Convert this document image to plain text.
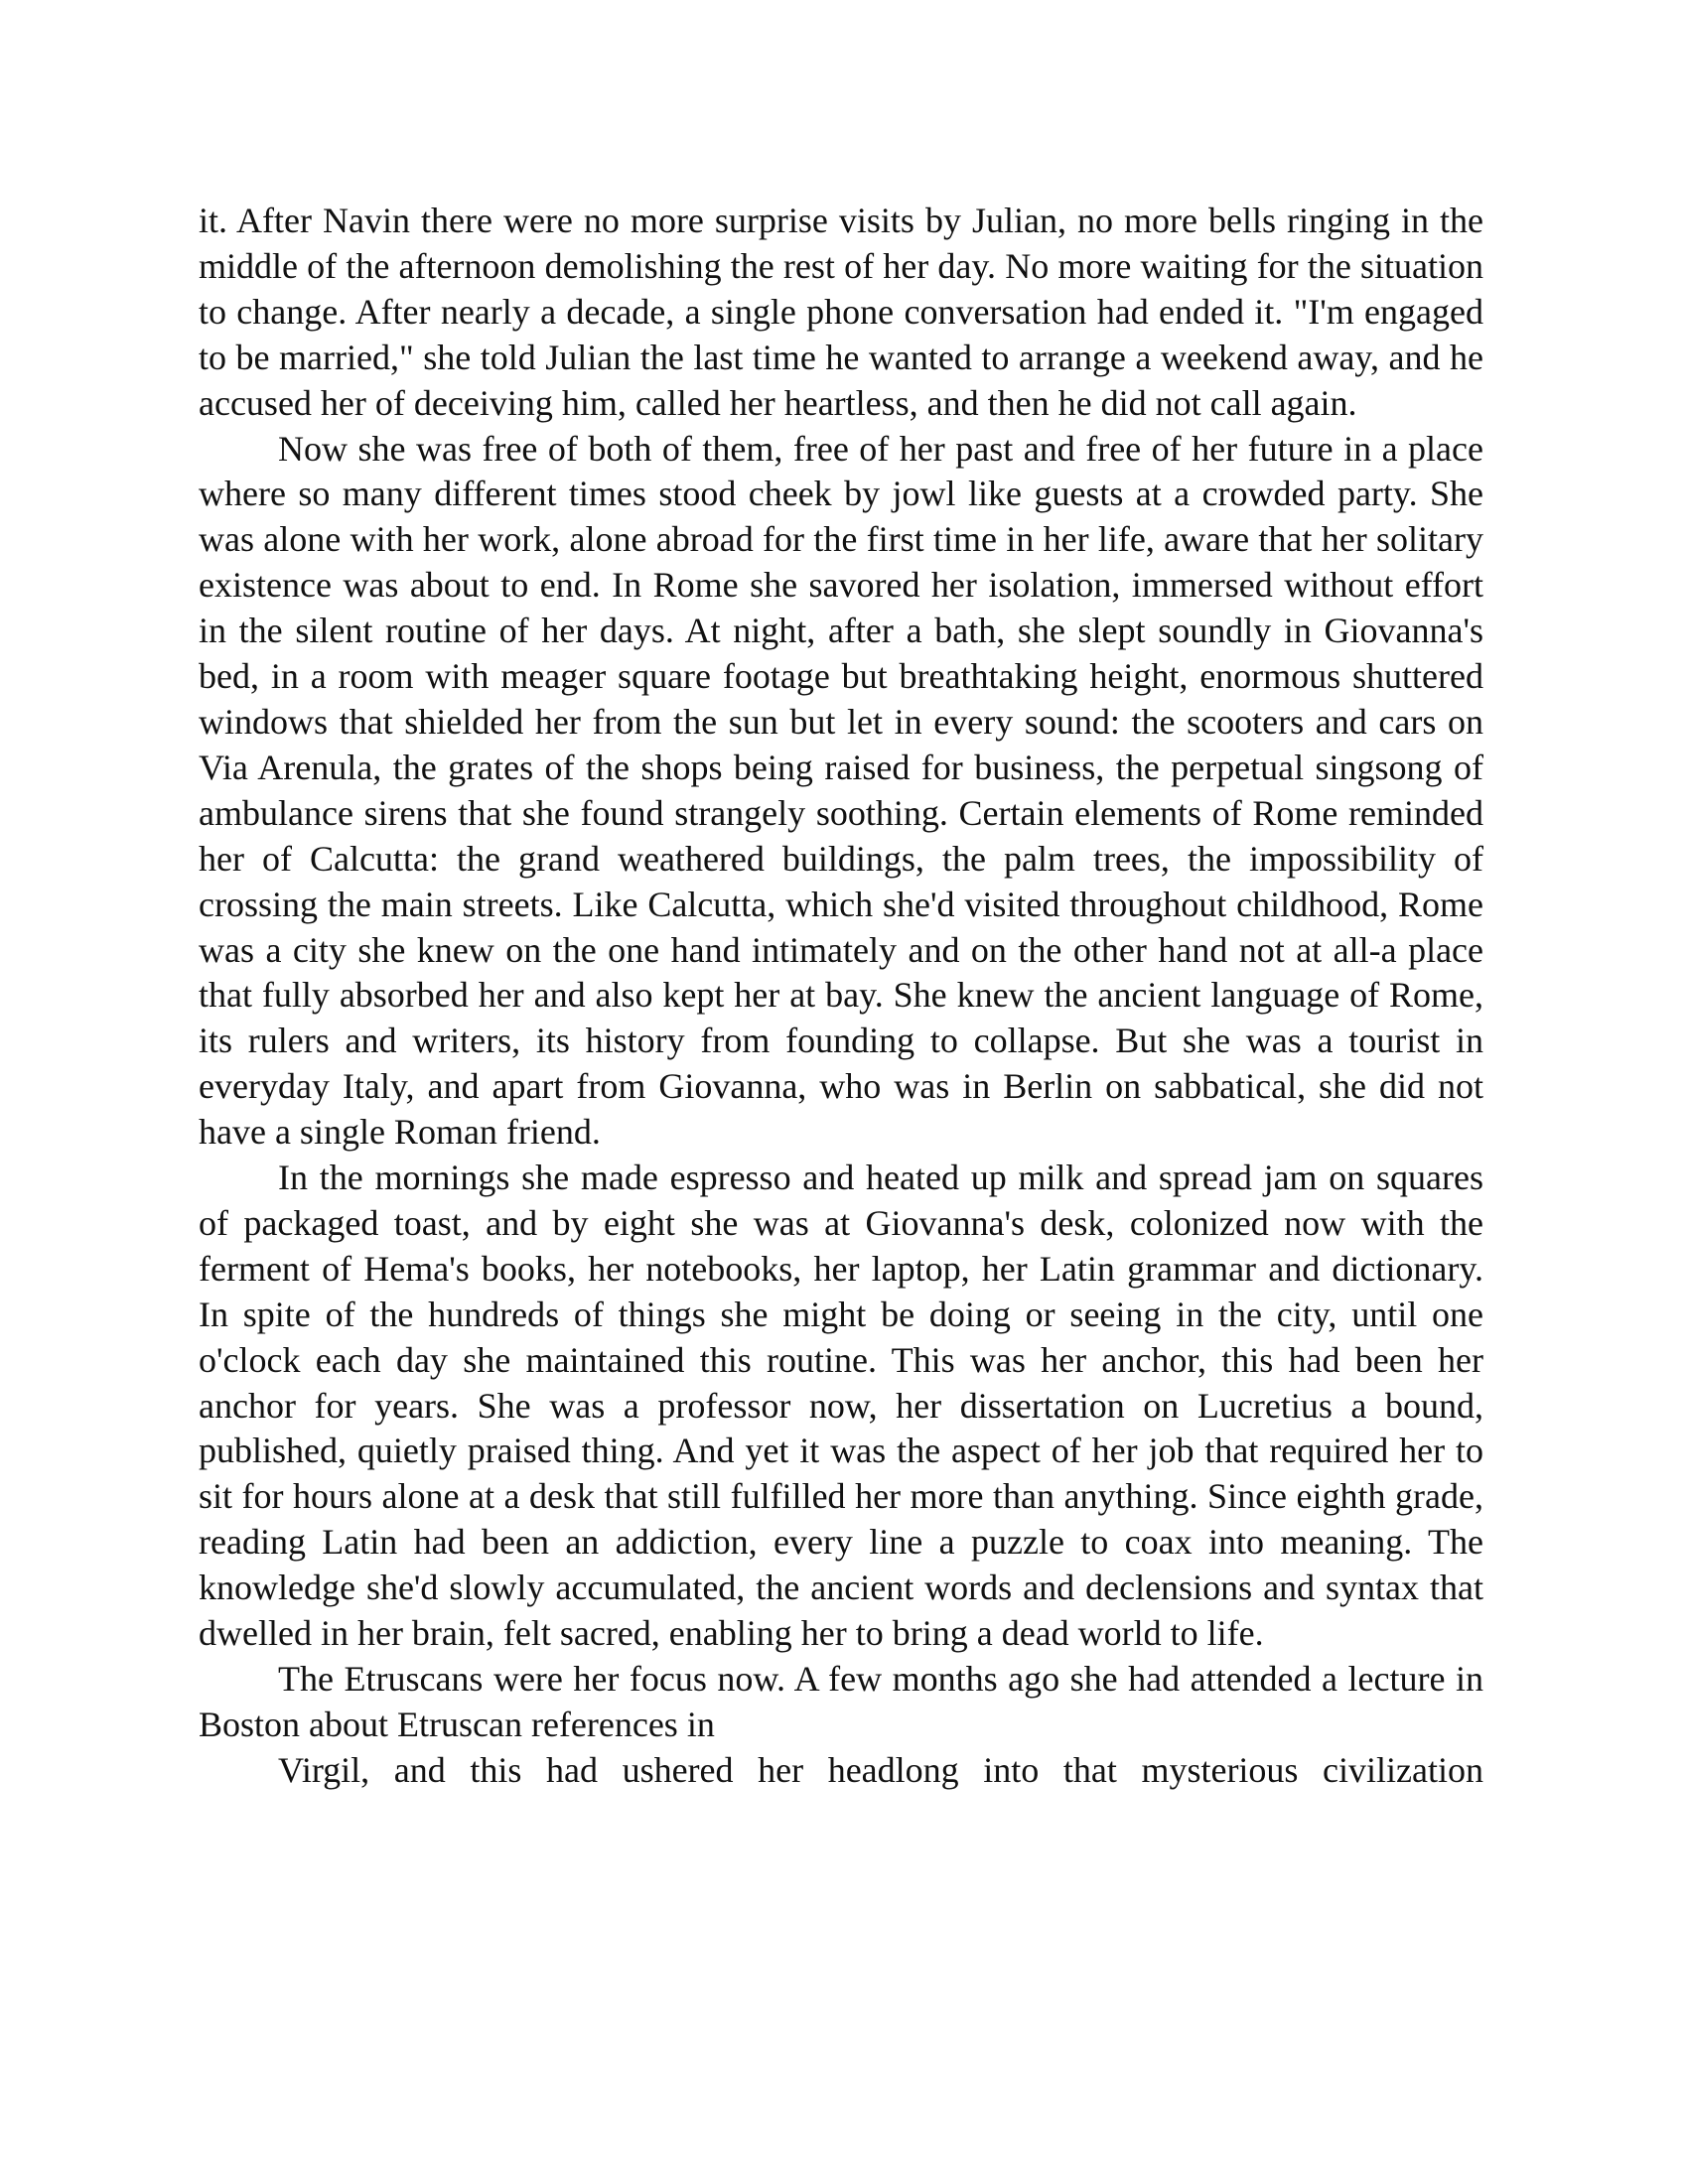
it. After Navin there were no more surprise visits by Julian, no more bells ringing in the middle of the afternoon demolishing the rest of her day. No more waiting for the situation to change. After nearly a decade, a single phone conversation had ended it. "I'm engaged to be married," she told Julian the last time he wanted to arrange a weekend away, and he accused her of deceiving him, called her heartless, and then he did not call again.

Now she was free of both of them, free of her past and free of her future in a place where so many different times stood cheek by jowl like guests at a crowded party. She was alone with her work, alone abroad for the first time in her life, aware that her solitary existence was about to end. In Rome she savored her isolation, immersed without effort in the silent routine of her days. At night, after a bath, she slept soundly in Giovanna's bed, in a room with meager square footage but breathtaking height, enormous shuttered windows that shielded her from the sun but let in every sound: the scooters and cars on Via Arenula, the grates of the shops being raised for business, the perpetual singsong of ambulance sirens that she found strangely soothing. Certain elements of Rome reminded her of Calcutta: the grand weathered buildings, the palm trees, the impossibility of crossing the main streets. Like Calcutta, which she'd visited throughout childhood, Rome was a city she knew on the one hand intimately and on the other hand not at all-a place that fully absorbed her and also kept her at bay. She knew the ancient language of Rome, its rulers and writers, its history from founding to collapse. But she was a tourist in everyday Italy, and apart from Giovanna, who was in Berlin on sabbatical, she did not have a single Roman friend.

In the mornings she made espresso and heated up milk and spread jam on squares of packaged toast, and by eight she was at Giovanna's desk, colonized now with the ferment of Hema's books, her notebooks, her laptop, her Latin grammar and dictionary. In spite of the hundreds of things she might be doing or seeing in the city, until one o'clock each day she maintained this routine. This was her anchor, this had been her anchor for years. She was a professor now, her dissertation on Lucretius a bound, published, quietly praised thing. And yet it was the aspect of her job that required her to sit for hours alone at a desk that still fulfilled her more than anything. Since eighth grade, reading Latin had been an addiction, every line a puzzle to coax into meaning. The knowledge she'd slowly accumulated, the ancient words and declensions and syntax that dwelled in her brain, felt sacred, enabling her to bring a dead world to life.

The Etruscans were her focus now. A few months ago she had attended a lecture in Boston about Etruscan references in

Virgil, and this had ushered her headlong into that mysterious civilization
